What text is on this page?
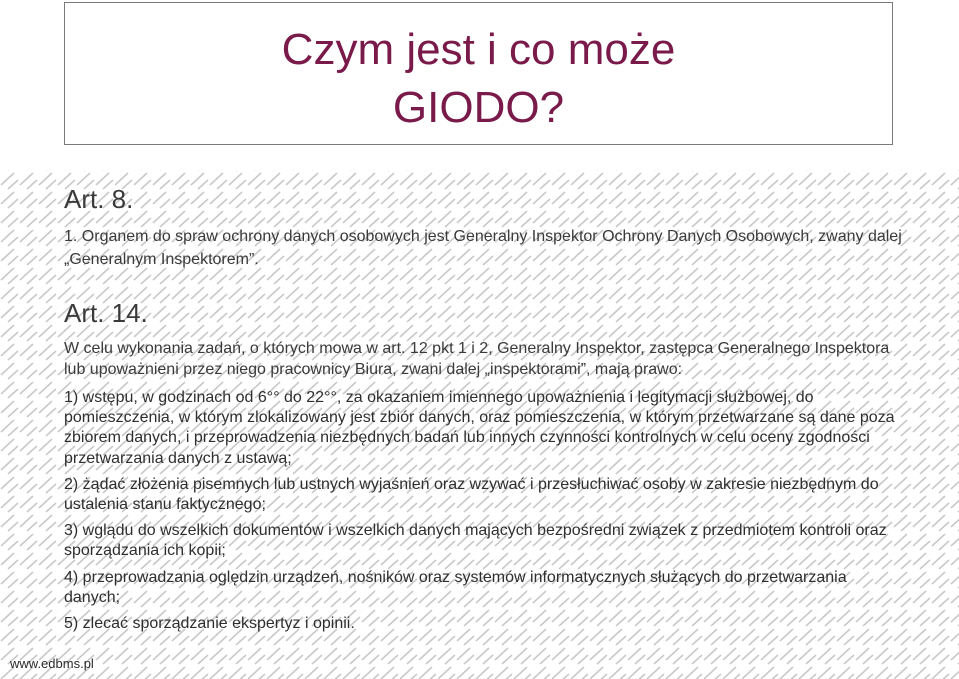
Czym jest i co może
GIODO?
Art. 8.

1. Organem do spraw ochrony danych osobowych jest Generalny Inspektor Ochrony Danych Osobowych, zwany dalej „Generalnym Inspektorem”.

Art. 14.

W celu wykonania zadań, o których mowa w art. 12 pkt 1 i 2, Generalny Inspektor, zastępca Generalnego Inspektora lub upoważnieni przez niego pracownicy Biura, zwani dalej „inspektorami”, mają prawo:

1) wstępu, w godzinach od 6°° do 22°°, za okazaniem imiennego upoważnienia i legitymacji służbowej, do pomieszczenia, w którym zlokalizowany jest zbiór danych, oraz pomieszczenia, w którym przetwarzane są dane poza zbiorem danych, i przeprowadzenia niezbędnych badań lub innych czynności kontrolnych w celu oceny zgodności przetwarzania danych z ustawą;

2) żądać złożenia pisemnych lub ustnych wyjaśnień oraz wzywać i przesłuchiwać osoby w zakresie niezbędnym do ustalenia stanu faktycznego;

3) wglądu do wszelkich dokumentów i wszelkich danych mających bezpośredni związek z przedmiotem kontroli oraz sporządzania ich kopii;

4) przeprowadzania oględzin urządzeń, nośników oraz systemów informatycznych służących do przetwarzania danych;

5) zlecać sporządzanie ekspertyz i opinii.

www.edbms.pl
